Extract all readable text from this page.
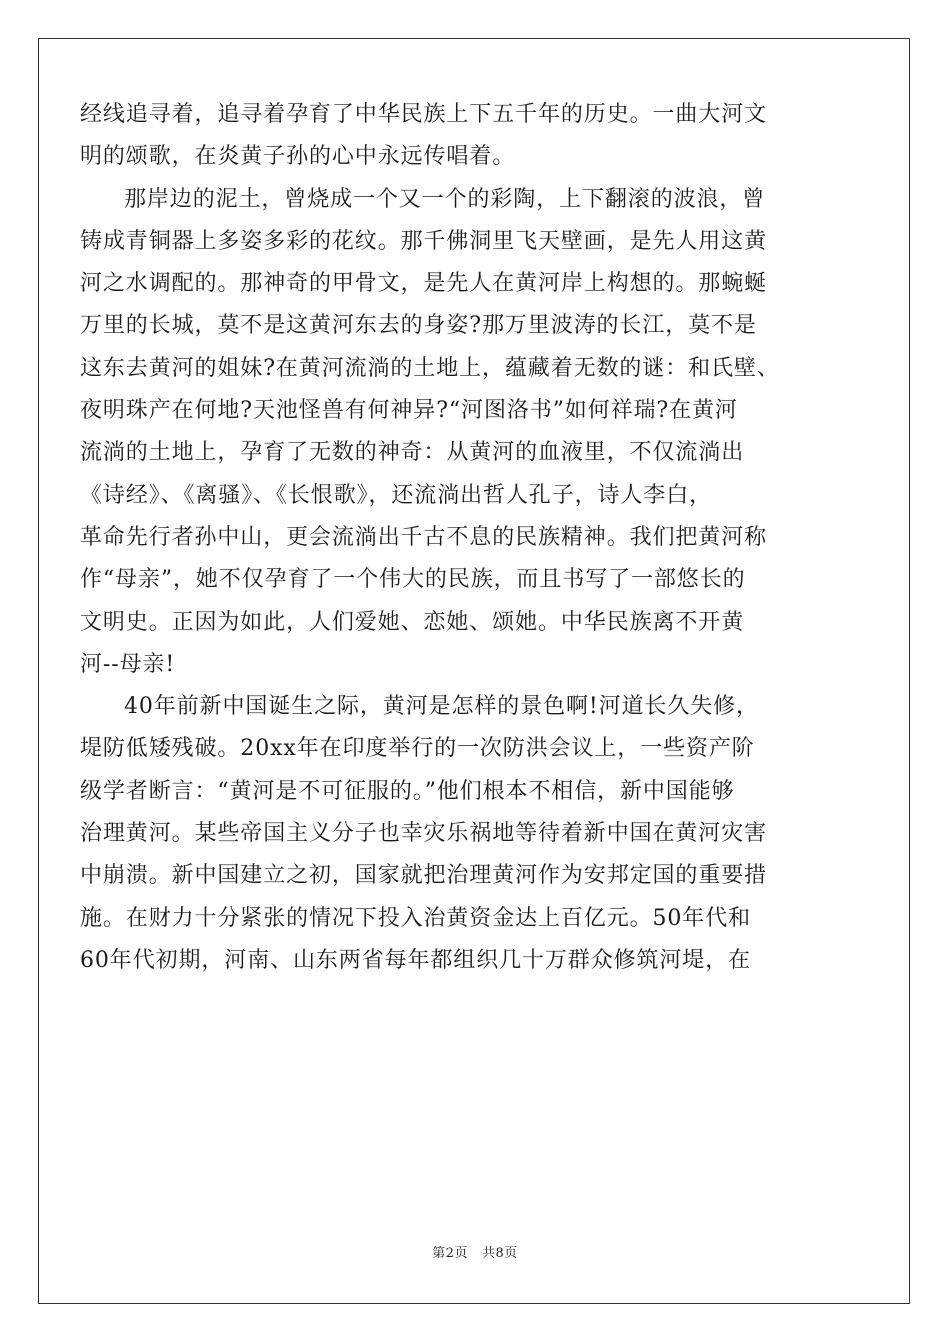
经线追寻着，追寻着孕育了中华民族上下五千年的历史。一曲大河文
明的颂歌，在炎黄子孙的心中永远传唱着。
那岸边的泥土，曾烧成一个又一个的彩陶，上下翻滚的波浪，曾
铸成青铜器上多姿多彩的花纹。那千佛洞里飞天壁画，是先人用这黄
河之水调配的。那神奇的甲骨文，是先人在黄河岸上构想的。那蜿蜒
万里的长城，莫不是这黄河东去的身姿?那万里波涛的长江，莫不是
这东去黄河的姐妹?在黄河流淌的土地上，蕴藏着无数的谜：和氏壁、
夜明珠产在何地?天池怪兽有何神异?“河图洛书”如何祥瑞?在黄河
流淌的土地上，孕育了无数的神奇：从黄河的血液里，不仅流淌出
《诗经》、《离骚》、《长恨歌》，还流淌出哲人孔子，诗人李白，
革命先行者孙中山，更会流淌出千古不息的民族精神。我们把黄河称
作“母亲”，她不仅孕育了一个伟大的民族，而且书写了一部悠长的
文明史。正因为如此，人们爱她、恋她、颂她。中华民族离不开黄
河--母亲!
40年前新中国诞生之际，黄河是怎样的景色啊!河道长久失修，
堤防低矮残破。20xx年在印度举行的一次防洪会议上，一些资产阶
级学者断言：“黄河是不可征服的。”他们根本不相信，新中国能够
治理黄河。某些帝国主义分子也幸灾乐祸地等待着新中国在黄河灾害
中崩溃。新中国建立之初，国家就把治理黄河作为安邦定国的重要措
施。在财力十分紧张的情况下投入治黄资金达上百亿元。50年代和
60年代初期，河南、山东两省每年都组织几十万群众修筑河堤，在
第2页 共8页
